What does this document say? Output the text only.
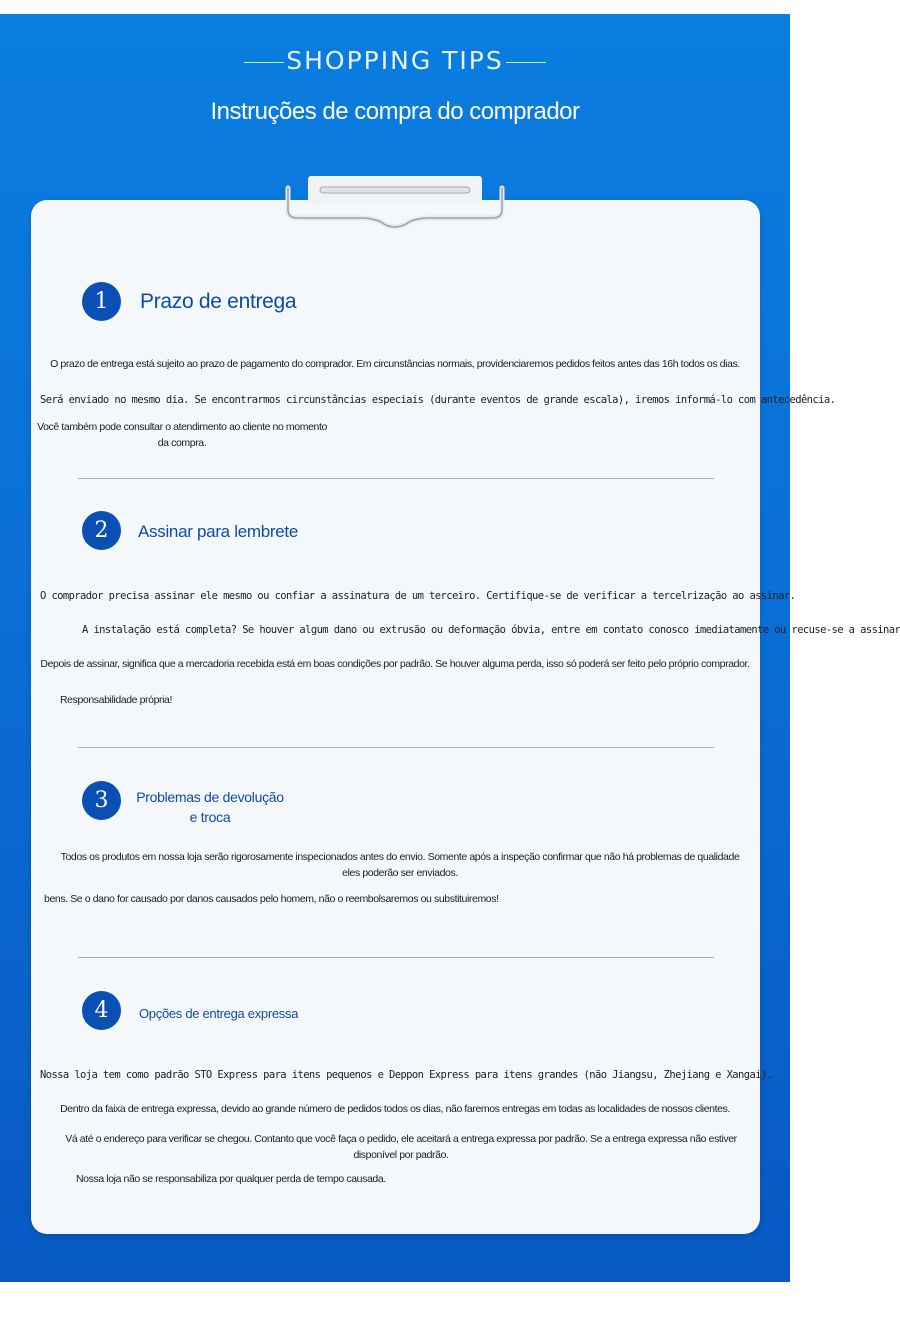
SHOPPING TIPS
Instruções de compra do comprador
1	Prazo de entrega
O prazo de entrega está sujeito ao prazo de pagamento do comprador. Em circunstâncias normais, providenciaremos pedidos feitos antes das 16h todos os dias.
Será enviado no mesmo dia. Se encontrarmos circunstâncias especiais (durante eventos de grande escala), iremos informá-lo com antecedência.
Você também pode consultar o atendimento ao cliente no momento da compra.
2	Assinar para lembrete
O comprador precisa assinar ele mesmo ou confiar a assinatura de um terceiro. Certifique-se de verificar a tercelrização ao assinar.
A instalação está completa? Se houver algum dano ou extrusão ou deformação óbvia, entre em contato conosco imediatamente ou recuse-se a assinar
Depois de assinar, significa que a mercadoria recebida está em boas condições por padrão. Se houver alguma perda, isso só poderá ser feito pelo próprio comprador.
Responsabilidade própria!
3	Problemas de devolução e troca
Todos os produtos em nossa loja serão rigorosamente inspecionados antes do envio. Somente após a inspeção confirmar que não há problemas de qualidade eles poderão ser enviados.
bens. Se o dano for causado por danos causados ​​pelo homem, não o reembolsaremos ou substituiremos!
4	Opções de entrega expressa
Nossa loja tem como padrão STO Express para itens pequenos e Deppon Express para itens grandes (não Jiangsu, Zhejiang e Xangai).
Dentro da faixa de entrega expressa, devido ao grande número de pedidos todos os dias, não faremos entregas em todas as localidades de nossos clientes.
Vá até o endereço para verificar se chegou. Contanto que você faça o pedido, ele aceitará a entrega expressa por padrão. Se a entrega expressa não estiver disponível por padrão.
Nossa loja não se responsabiliza por qualquer perda de tempo causada.
